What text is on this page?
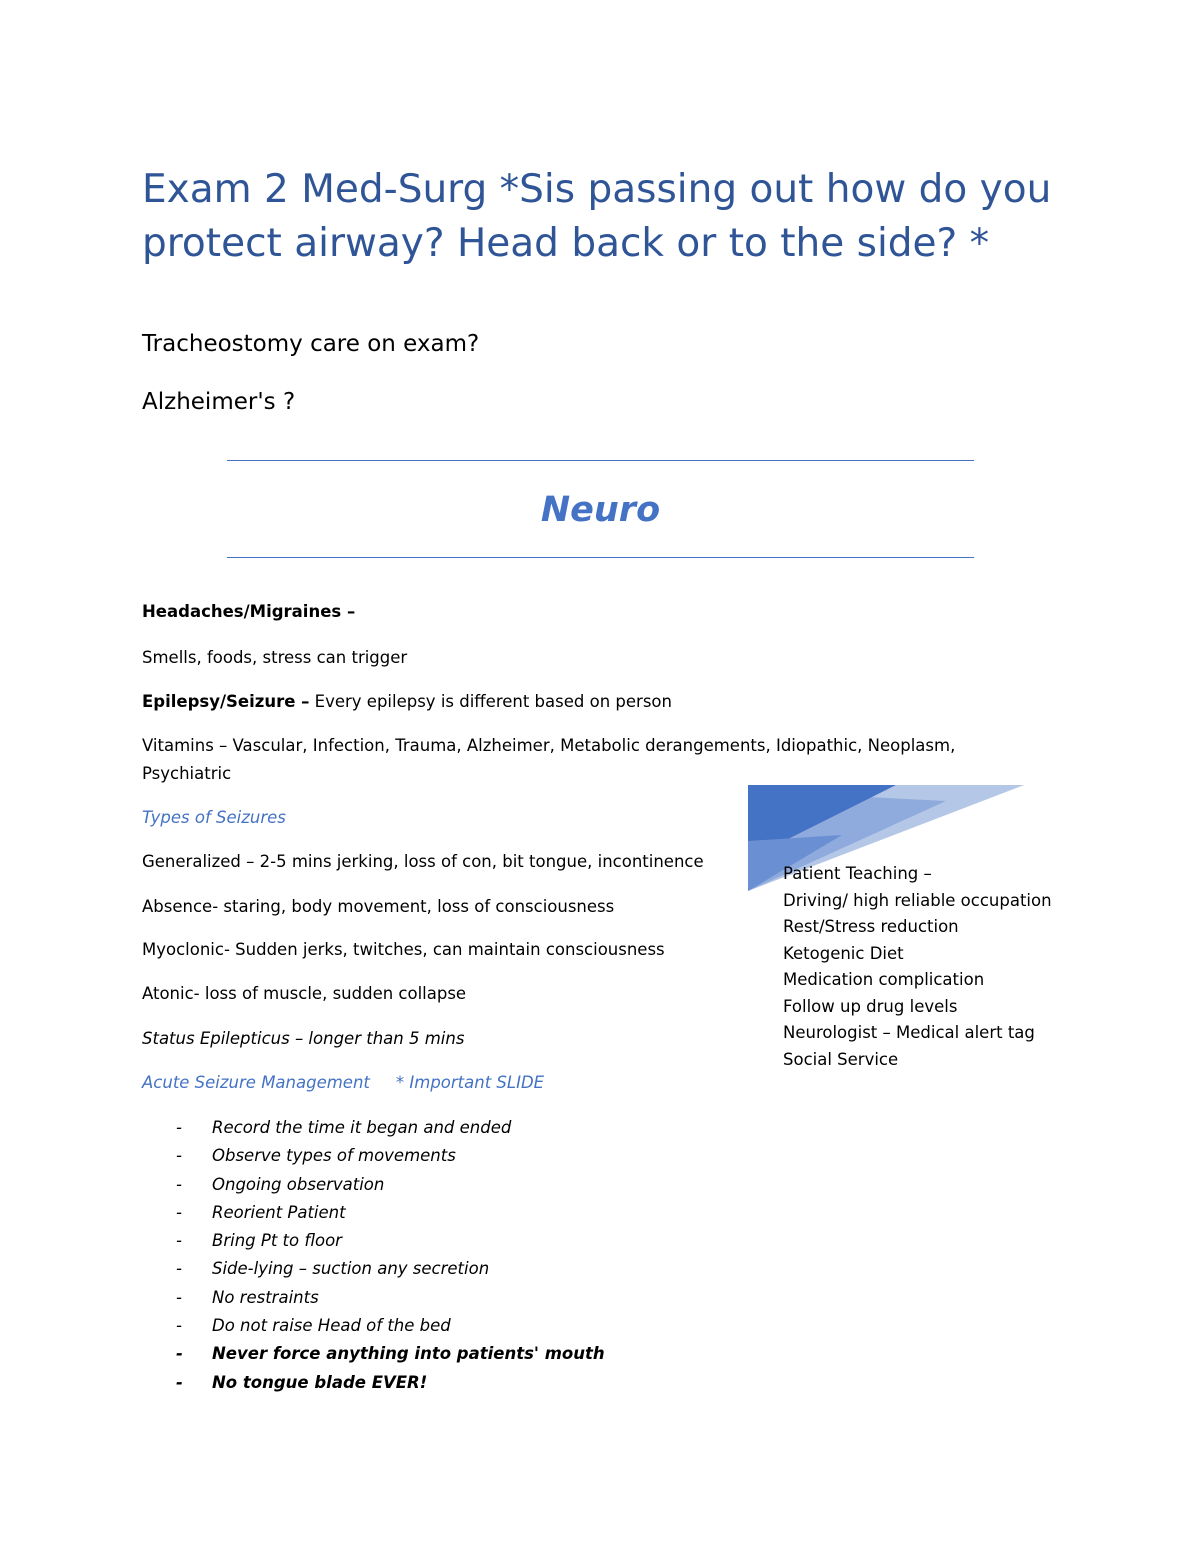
Exam 2 Med-Surg *Sis passing out how do you protect airway? Head back or to the side? *

Tracheostomy care on exam?

Alzheimer's ?

Neuro

Headaches/Migraines –

Smells, foods, stress can trigger

Epilepsy/Seizure – Every epilepsy is different based on person

Vitamins – Vascular, Infection, Trauma, Alzheimer, Metabolic derangements, Idiopathic, Neoplasm,

Psychiatric

Types of Seizures

Generalized – 2-5 mins jerking, loss of con, bit tongue, incontinence

Absence- staring, body movement, loss of consciousness

Myoclonic- Sudden jerks, twitches, can maintain consciousness

Atonic- loss of muscle, sudden collapse

Status Epilepticus – longer than 5 mins

Acute Seizure Management * Important SLIDE

- Record the time it began and ended
- Observe types of movements
- Ongoing observation
- Reorient Patient
- Bring Pt to floor
- Side-lying – suction any secretion
- No restraints
- Do not raise Head of the bed
- Never force anything into patients' mouth
- No tongue blade EVER!
Patient Teaching –
Driving/ high reliable occupation
Rest/Stress reduction
Ketogenic Diet
Medication complication
Follow up drug levels
Neurologist – Medical alert tag
Social Service
